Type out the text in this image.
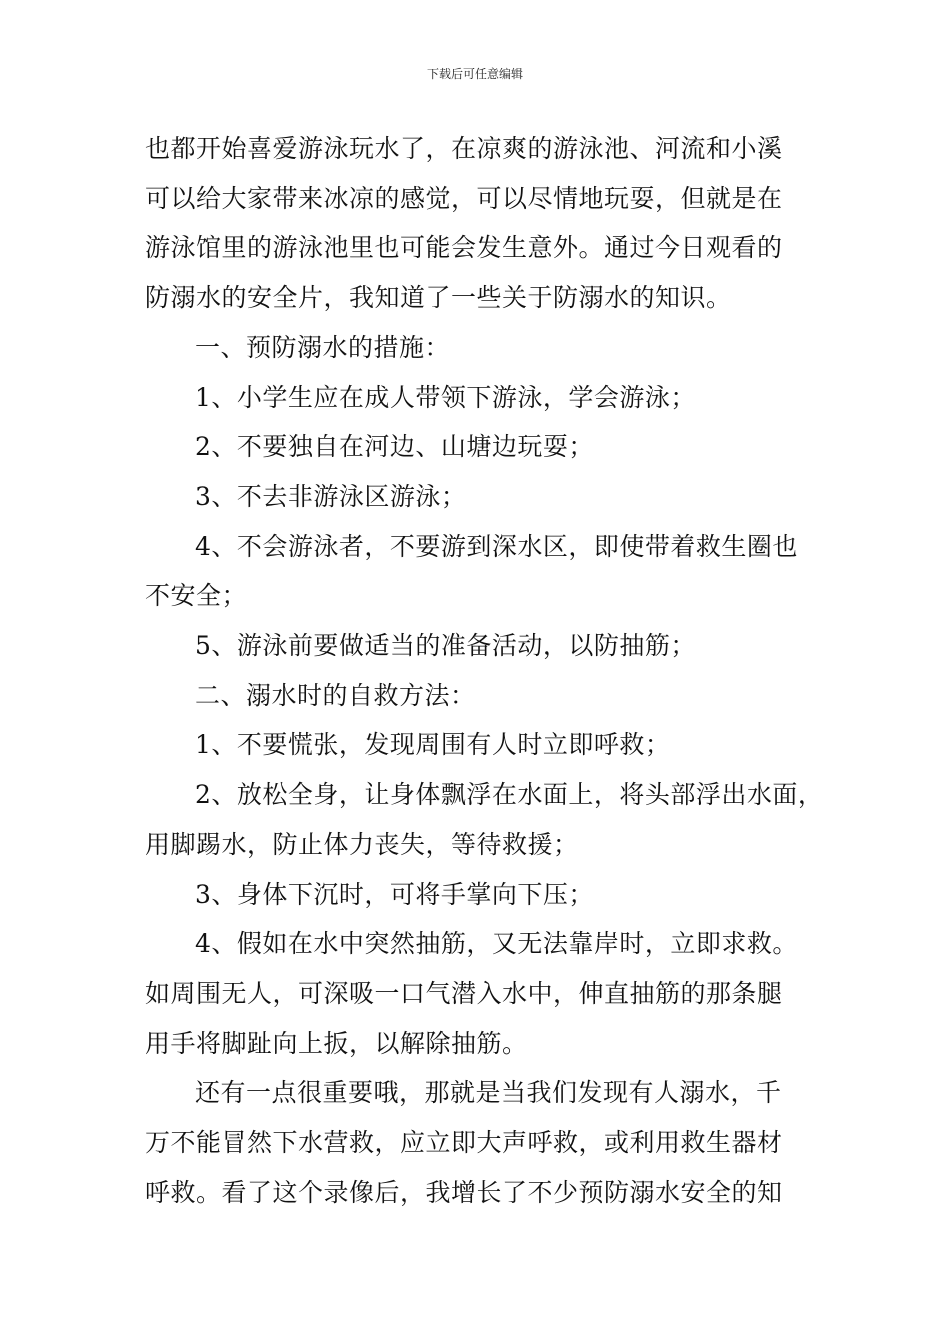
下载后可任意编辑

也都开始喜爱游泳玩水了，在凉爽的游泳池、河流和小溪

可以给大家带来冰凉的感觉，可以尽情地玩耍，但就是在

游泳馆里的游泳池里也可能会发生意外。通过今日观看的

防溺水的安全片，我知道了一些关于防溺水的知识。

一、预防溺水的措施：

1、小学生应在成人带领下游泳，学会游泳；

2、不要独自在河边、山塘边玩耍；

3、不去非游泳区游泳；

4、不会游泳者，不要游到深水区，即使带着救生圈也

不安全；

5、游泳前要做适当的准备活动，以防抽筋；

二、溺水时的自救方法：

1、不要慌张，发现周围有人时立即呼救；

2、放松全身，让身体飘浮在水面上，将头部浮出水面，

用脚踢水，防止体力丧失，等待救援；

3、身体下沉时，可将手掌向下压；

4、假如在水中突然抽筋，又无法靠岸时，立即求救。

如周围无人，可深吸一口气潜入水中，伸直抽筋的那条腿

用手将脚趾向上扳，以解除抽筋。

还有一点很重要哦，那就是当我们发现有人溺水，千

万不能冒然下水营救，应立即大声呼救，或利用救生器材

呼救。看了这个录像后，我增长了不少预防溺水安全的知
